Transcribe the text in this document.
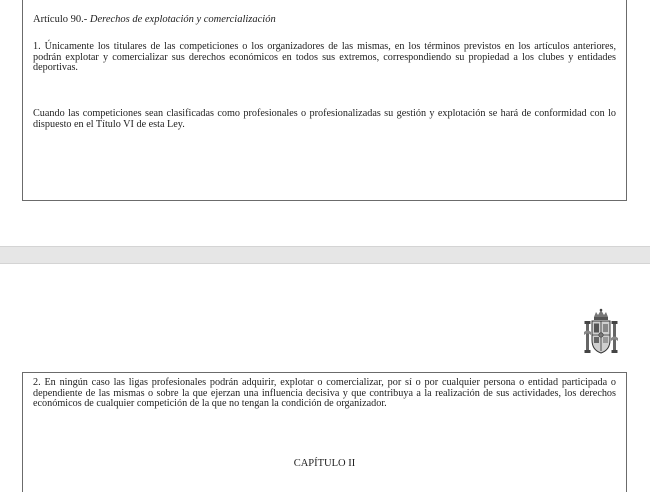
Artículo 90.- Derechos de explotación y comercialización
1. Únicamente los titulares de las competiciones o los organizadores de las mismas, en los términos previstos en los artículos anteriores, podrán explotar y comercializar sus derechos económicos en todos sus extremos, correspondiendo su propiedad a los clubes y entidades deportivas.
Cuando las competiciones sean clasificadas como profesionales o profesionalizadas su gestión y explotación se hará de conformidad con lo dispuesto en el Título VI de esta Ley.
2. En ningún caso las ligas profesionales podrán adquirir, explotar o comercializar, por sí o por cualquier persona o entidad participada o dependiente de las mismas o sobre la que ejerzan una influencia decisiva y que contribuya a la realización de sus actividades, los derechos económicos de cualquier competición de la que no tengan la condición de organizador.
CAPÍTULO II
